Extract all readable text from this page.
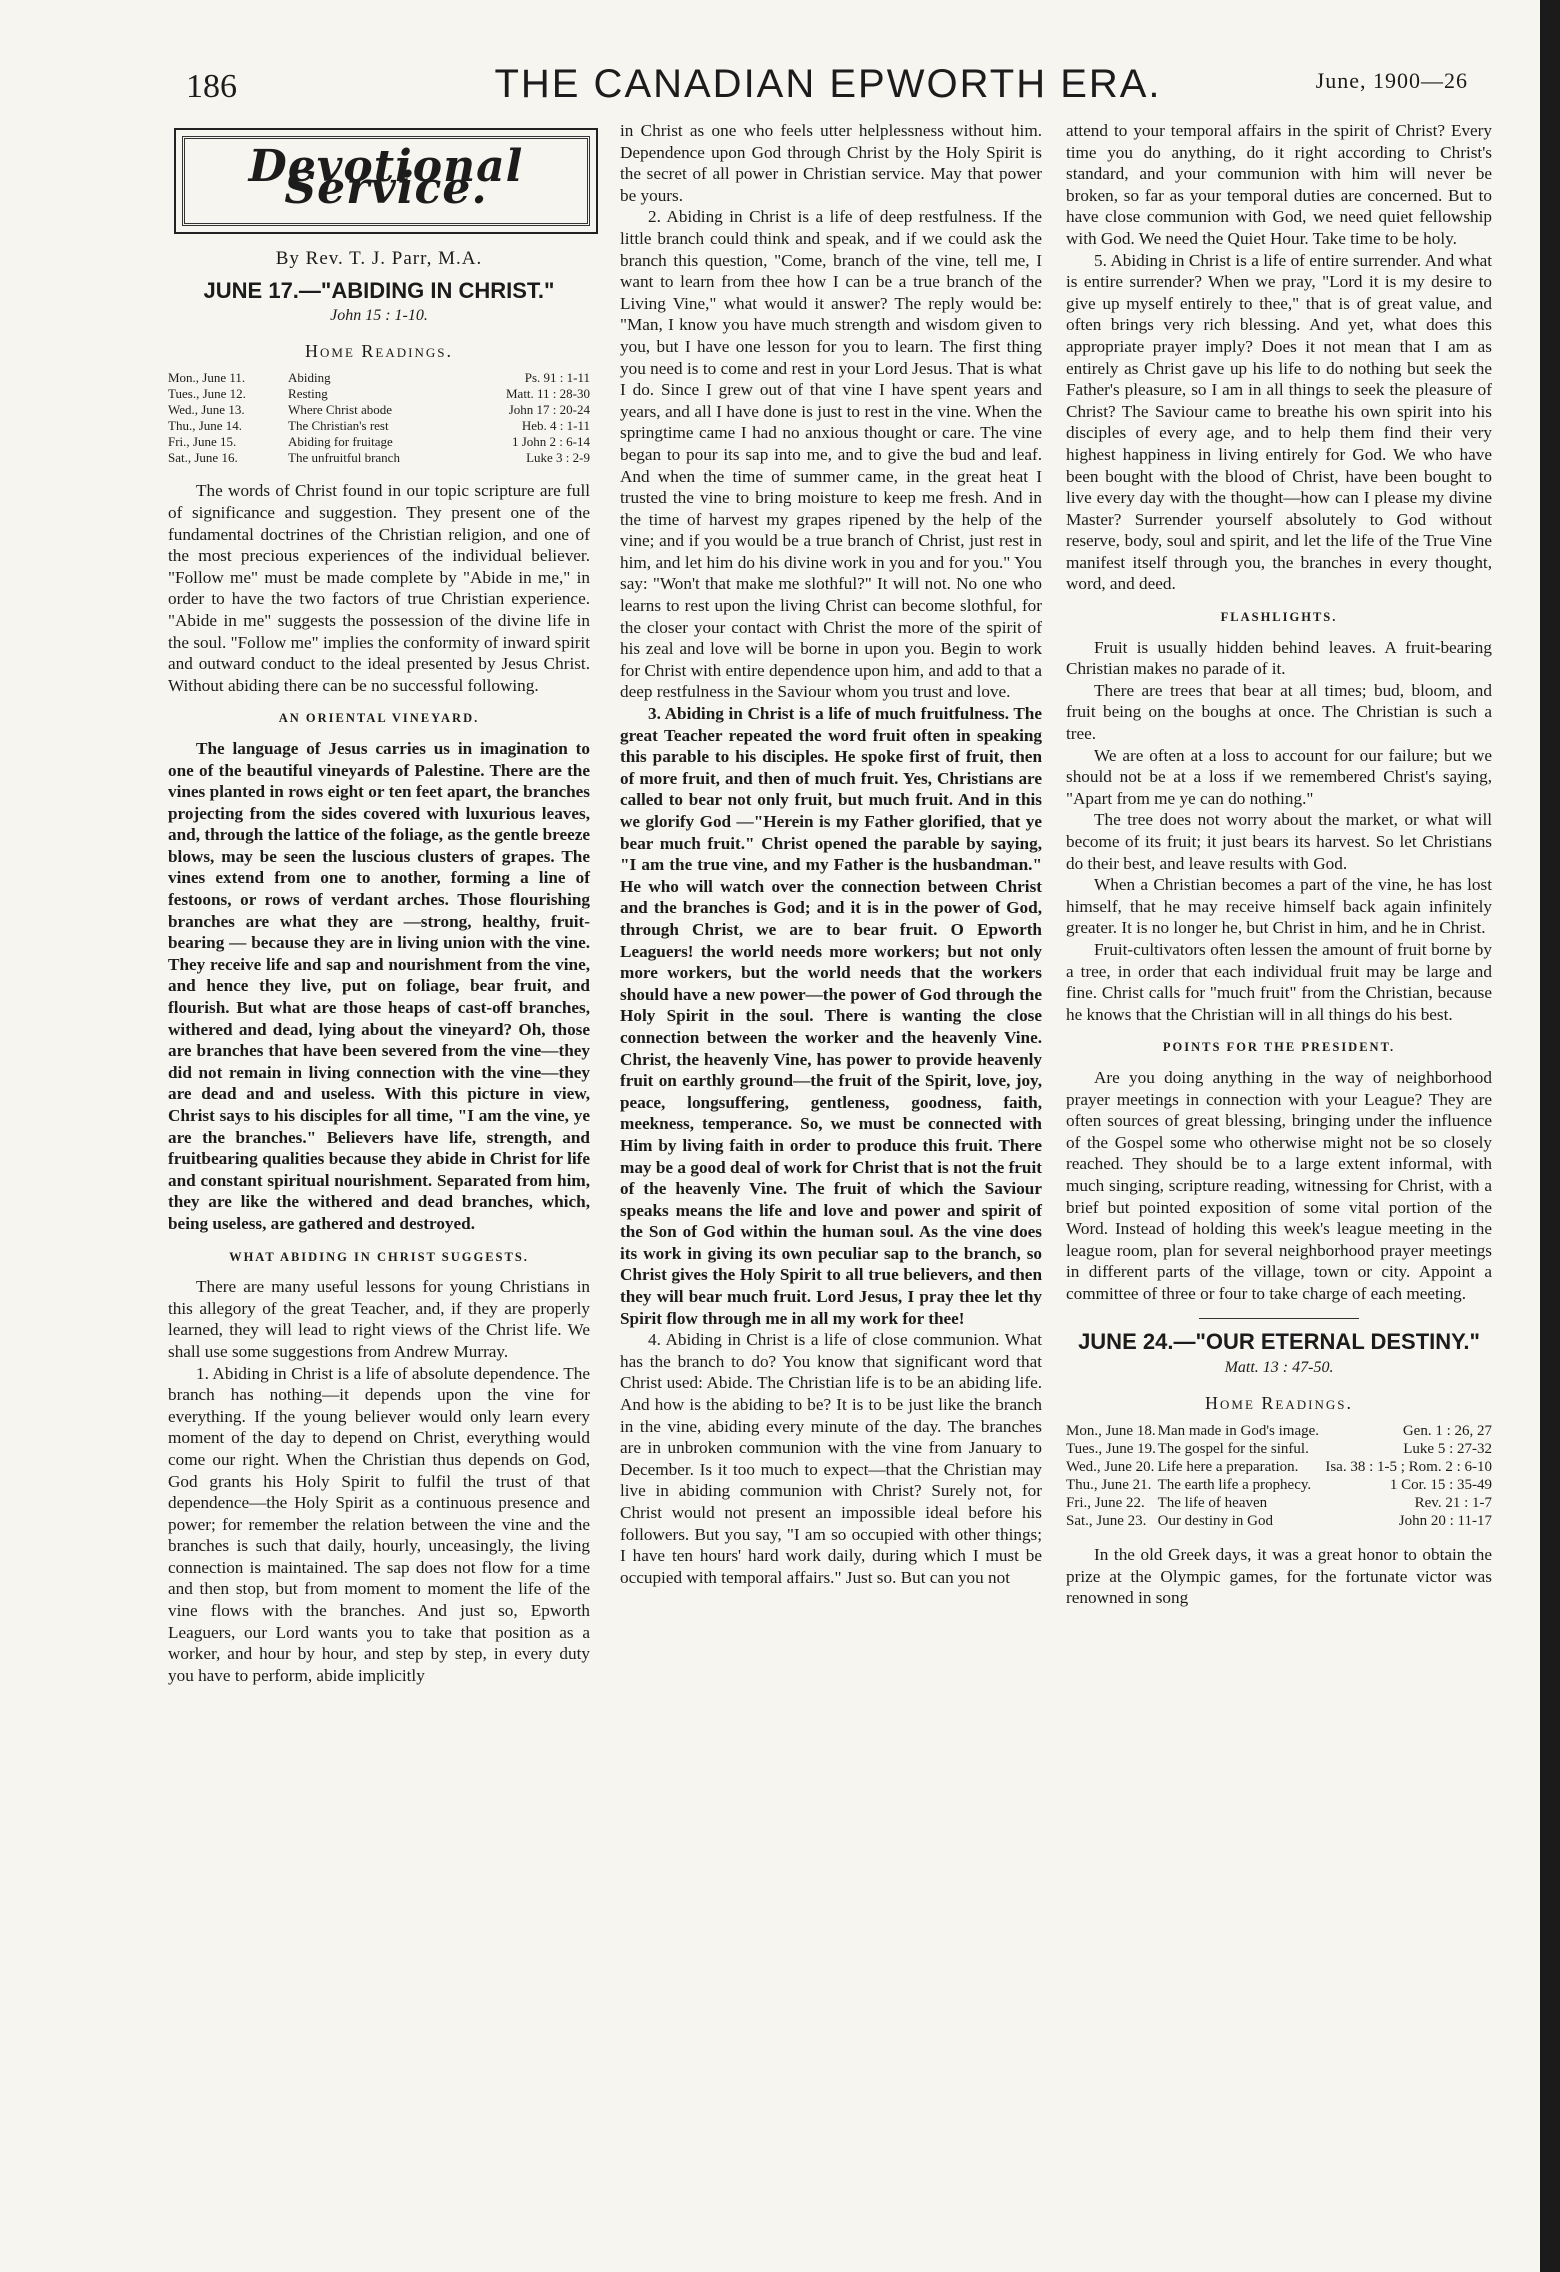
186	THE CANADIAN EPWORTH ERA.	June, 1900—26
Devotional Service.
By Rev. T. J. Parr, M.A.
JUNE 17.—"ABIDING IN CHRIST."
John 15 : 1-10.
Home Readings.
Mon., June 11.	Abiding	Ps. 91 : 1-11
Tues., June 12.	Resting	Matt. 11 : 28-30
Wed., June 13.	Where Christ abode	John 17 : 20-24
Thu., June 14.	The Christian's rest	Heb. 4 : 1-11
Fri., June 15.	Abiding for fruitage	1 John 2 : 6-14
Sat., June 16.	The unfruitful branch	Luke 3 : 2-9

The words of Christ found in our topic scripture are full of significance and suggestion. They present one of the fundamental doctrines of the Christian religion, and one of the most precious experiences of the individual believer. "Follow me" must be made complete by "Abide in me," in order to have the two factors of true Christian experience. "Abide in me" suggests the possession of the divine life in the soul. "Follow me" implies the conformity of inward spirit and outward conduct to the ideal presented by Jesus Christ. Without abiding there can be no successful following.

AN ORIENTAL VINEYARD.

The language of Jesus carries us in imagination to one of the beautiful vineyards of Palestine. There are the vines planted in rows eight or ten feet apart, the branches projecting from the sides covered with luxurious leaves, and, through the lattice of the foliage, as the gentle breeze blows, may be seen the luscious clusters of grapes. The vines extend from one to another, forming a line of festoons, or rows of verdant arches. Those flourishing branches are what they are —strong, healthy, fruit-bearing — because they are in living union with the vine. They receive life and sap and nourishment from the vine, and hence they live, put on foliage, bear fruit, and flourish. But what are those heaps of cast-off branches, withered and dead, lying about the vineyard? Oh, those are branches that have been severed from the vine—they did not remain in living connection with the vine—they are dead and and useless. With this picture in view, Christ says to his disciples for all time, "I am the vine, ye are the branches." Believers have life, strength, and fruitbearing qualities because they abide in Christ for life and constant spiritual nourishment. Separated from him, they are like the withered and dead branches, which, being useless, are gathered and destroyed.

WHAT ABIDING IN CHRIST SUGGESTS.

There are many useful lessons for young Christians in this allegory of the great Teacher, and, if they are properly learned, they will lead to right views of the Christ life. We shall use some suggestions from Andrew Murray.

1. Abiding in Christ is a life of absolute dependence. The branch has nothing—it depends upon the vine for everything. If the young believer would only learn every moment of the day to depend on Christ, everything would come our right. When the Christian thus depends on God, God grants his Holy Spirit to fulfil the trust of that dependence—the Holy Spirit as a continuous presence and power; for remember the relation between the vine and the branches is such that daily, hourly, unceasingly, the living connection is maintained. The sap does not flow for a time and then stop, but from moment to moment the life of the vine flows with the branches. And just so, Epworth Leaguers, our Lord wants you to take that position as a worker, and hour by hour, and step by step, in every duty you have to perform, abide implicitly

in Christ as one who feels utter helplessness without him. Dependence upon God through Christ by the Holy Spirit is the secret of all power in Christian service. May that power be yours.

2. Abiding in Christ is a life of deep restfulness. If the little branch could think and speak, and if we could ask the branch this question, "Come, branch of the vine, tell me, I want to learn from thee how I can be a true branch of the Living Vine," what would it answer? The reply would be: "Man, I know you have much strength and wisdom given to you, but I have one lesson for you to learn. The first thing you need is to come and rest in your Lord Jesus. That is what I do. Since I grew out of that vine I have spent years and years, and all I have done is just to rest in the vine. When the springtime came I had no anxious thought or care. The vine began to pour its sap into me, and to give the bud and leaf. And when the time of summer came, in the great heat I trusted the vine to bring moisture to keep me fresh. And in the time of harvest my grapes ripened by the help of the vine; and if you would be a true branch of Christ, just rest in him, and let him do his divine work in you and for you." You say: "Won't that make me slothful?" It will not. No one who learns to rest upon the living Christ can become slothful, for the closer your contact with Christ the more of the spirit of his zeal and love will be borne in upon you. Begin to work for Christ with entire dependence upon him, and add to that a deep restfulness in the Saviour whom you trust and love.

3. Abiding in Christ is a life of much fruitfulness. The great Teacher repeated the word fruit often in speaking this parable to his disciples. He spoke first of fruit, then of more fruit, and then of much fruit. Yes, Christians are called to bear not only fruit, but much fruit. And in this we glorify God —"Herein is my Father glorified, that ye bear much fruit." Christ opened the parable by saying, "I am the true vine, and my Father is the husbandman." He who will watch over the connection between Christ and the branches is God; and it is in the power of God, through Christ, we are to bear fruit. O Epworth Leaguers! the world needs more workers; but not only more workers, but the world needs that the workers should have a new power—the power of God through the Holy Spirit in the soul. There is wanting the close connection between the worker and the heavenly Vine. Christ, the heavenly Vine, has power to provide heavenly fruit on earthly ground—the fruit of the Spirit, love, joy, peace, longsuffering, gentleness, goodness, faith, meekness, temperance. So, we must be connected with Him by living faith in order to produce this fruit. There may be a good deal of work for Christ that is not the fruit of the heavenly Vine. The fruit of which the Saviour speaks means the life and love and power and spirit of the Son of God within the human soul. As the vine does its work in giving its own peculiar sap to the branch, so Christ gives the Holy Spirit to all true believers, and then they will bear much fruit. Lord Jesus, I pray thee let thy Spirit flow through me in all my work for thee!

4. Abiding in Christ is a life of close communion. What has the branch to do? You know that significant word that Christ used: Abide. The Christian life is to be an abiding life. And how is the abiding to be? It is to be just like the branch in the vine, abiding every minute of the day. The branches are in unbroken communion with the vine from January to December. Is it too much to expect—that the Christian may live in abiding communion with Christ? Surely not, for Christ would not present an impossible ideal before his followers. But you say, "I am so occupied with other things; I have ten hours' hard work daily, during which I must be occupied with temporal affairs." Just so. But can you not

attend to your temporal affairs in the spirit of Christ? Every time you do anything, do it right according to Christ's standard, and your communion with him will never be broken, so far as your temporal duties are concerned. But to have close communion with God, we need quiet fellowship with God. We need the Quiet Hour. Take time to be holy.

5. Abiding in Christ is a life of entire surrender. And what is entire surrender? When we pray, "Lord it is my desire to give up myself entirely to thee," that is of great value, and often brings very rich blessing. And yet, what does this appropriate prayer imply? Does it not mean that I am as entirely as Christ gave up his life to do nothing but seek the Father's pleasure, so I am in all things to seek the pleasure of Christ? The Saviour came to breathe his own spirit into his disciples of every age, and to help them find their very highest happiness in living entirely for God. We who have been bought with the blood of Christ, have been bought to live every day with the thought—how can I please my divine Master? Surrender yourself absolutely to God without reserve, body, soul and spirit, and let the life of the True Vine manifest itself through you, the branches in every thought, word, and deed.

FLASHLIGHTS.

Fruit is usually hidden behind leaves. A fruit-bearing Christian makes no parade of it.

There are trees that bear at all times; bud, bloom, and fruit being on the boughs at once. The Christian is such a tree.

We are often at a loss to account for our failure; but we should not be at a loss if we remembered Christ's saying, "Apart from me ye can do nothing."

The tree does not worry about the market, or what will become of its fruit; it just bears its harvest. So let Christians do their best, and leave results with God.

When a Christian becomes a part of the vine, he has lost himself, that he may receive himself back again infinitely greater. It is no longer he, but Christ in him, and he in Christ.

Fruit-cultivators often lessen the amount of fruit borne by a tree, in order that each individual fruit may be large and fine. Christ calls for "much fruit" from the Christian, because he knows that the Christian will in all things do his best.

POINTS FOR THE PRESIDENT.

Are you doing anything in the way of neighborhood prayer meetings in connection with your League? They are often sources of great blessing, bringing under the influence of the Gospel some who otherwise might not be so closely reached. They should be to a large extent informal, with much singing, scripture reading, witnessing for Christ, with a brief but pointed exposition of some vital portion of the Word. Instead of holding this week's league meeting in the league room, plan for several neighborhood prayer meetings in different parts of the village, town or city. Appoint a committee of three or four to take charge of each meeting.

JUNE 24.—"OUR ETERNAL DESTINY."
Matt. 13 : 47-50.
Home Readings.
Mon., June 18.	Man made in God's image.	Gen. 1 : 26, 27
Tues., June 19.	The gospel for the sinful.	Luke 5 : 27-32
Wed., June 20.	Life here a preparation.	Isa. 38 : 1-5 ; Rom. 2 : 6-10
Thu., June 21.	The earth life a prophecy.	1 Cor. 15 : 35-49
Fri., June 22.	The life of heaven	Rev. 21 : 1-7
Sat., June 23.	Our destiny in God	John 20 : 11-17

In the old Greek days, it was a great honor to obtain the prize at the Olympic games, for the fortunate victor was renowned in song
